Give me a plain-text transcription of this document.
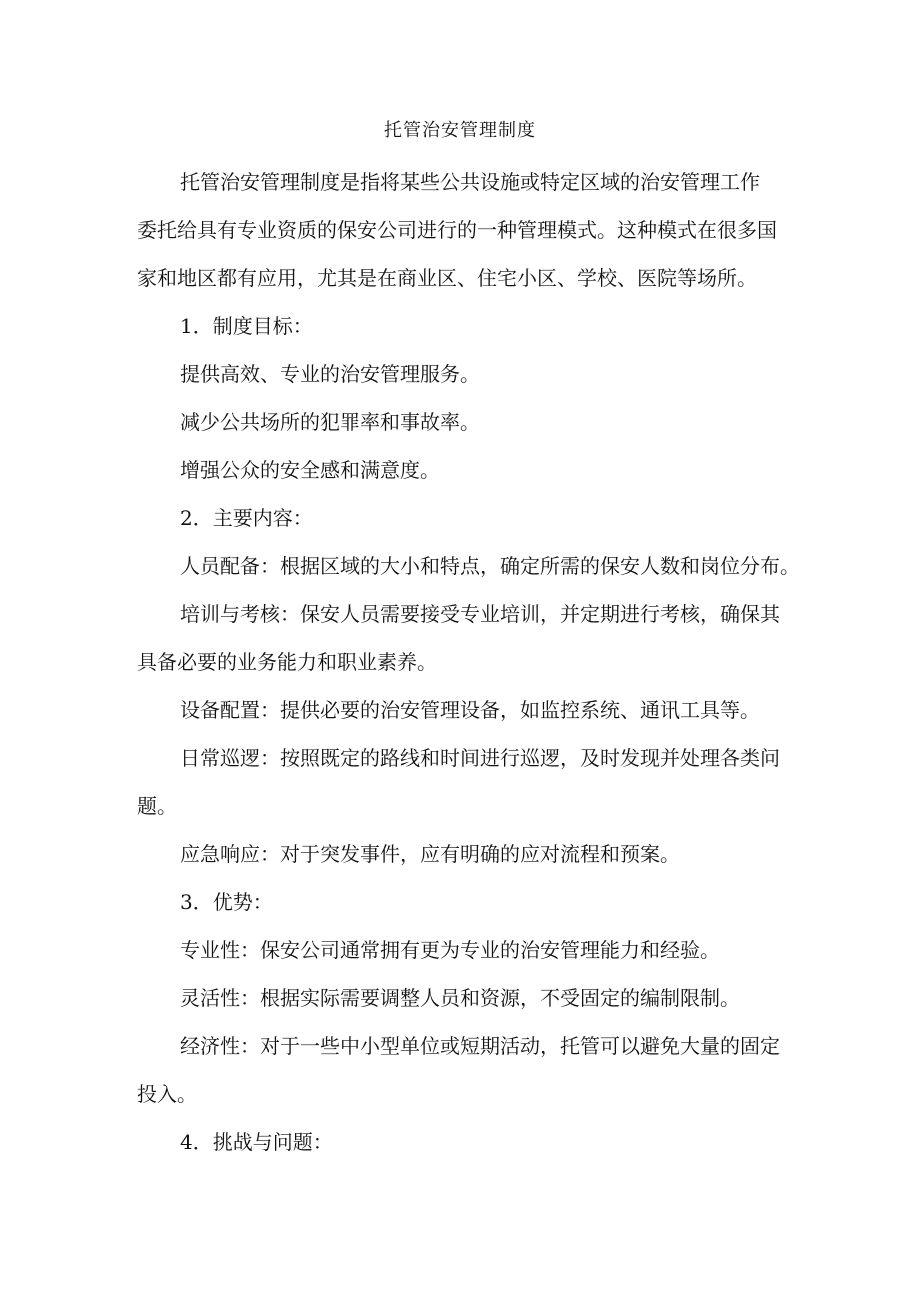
托管治安管理制度
托管治安管理制度是指将某些公共设施或特定区域的治安管理工作
委托给具有专业资质的保安公司进行的一种管理模式。这种模式在很多国
家和地区都有应用，尤其是在商业区、住宅小区、学校、医院等场所。
1．制度目标：
提供高效、专业的治安管理服务。
减少公共场所的犯罪率和事故率。
增强公众的安全感和满意度。
2．主要内容：
人员配备：根据区域的大小和特点，确定所需的保安人数和岗位分布。
培训与考核：保安人员需要接受专业培训，并定期进行考核，确保其
具备必要的业务能力和职业素养。
设备配置：提供必要的治安管理设备，如监控系统、通讯工具等。
日常巡逻：按照既定的路线和时间进行巡逻，及时发现并处理各类问
题。
应急响应：对于突发事件，应有明确的应对流程和预案。
3．优势：
专业性：保安公司通常拥有更为专业的治安管理能力和经验。
灵活性：根据实际需要调整人员和资源，不受固定的编制限制。
经济性：对于一些中小型单位或短期活动，托管可以避免大量的固定
投入。
4．挑战与问题：
